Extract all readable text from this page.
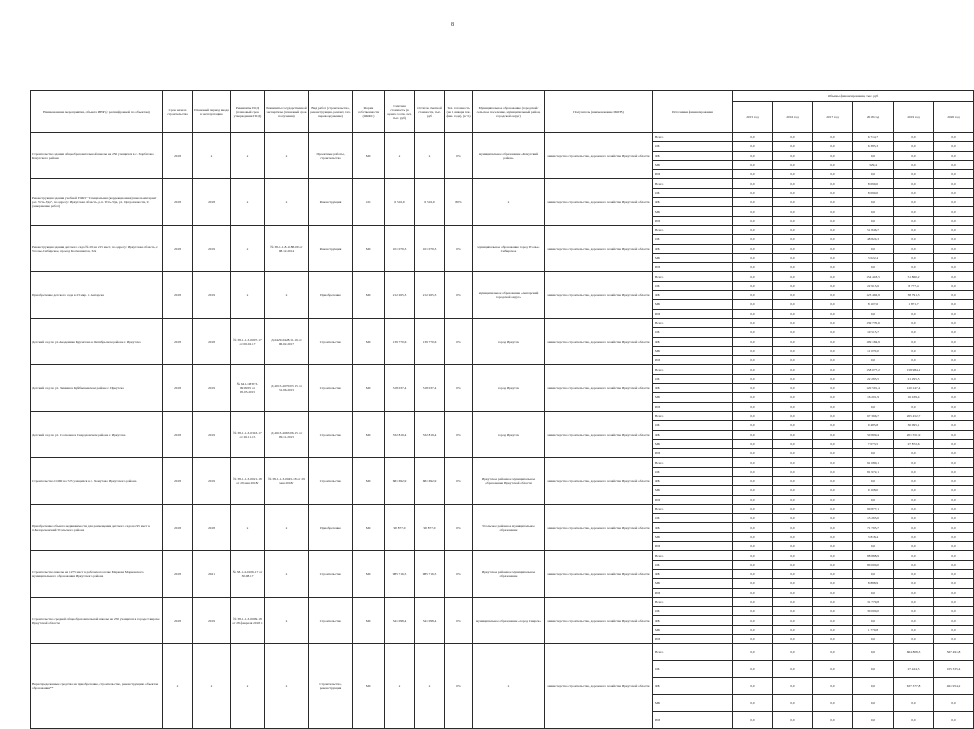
8
Наименование мероприятия, объекта ИНР (с расшифровкой по объектам)	Срок начала строительства	Плановый период ввода в эксплуатацию	Реквизиты ПСД (плановый срок утверждения ПСД)	Реквизиты государственной экспертизы (плановый срок получения)	Вид работ (строительство, реконструкция, ремонт, тех. перевооружение)	Форма собственности (ОКФС)	Сметная стоимость (в ценах соотв. лет, тыс. руб)	Остаток сметной стоимости, тыс. руб	Тех. готовность (на 1 января тек. фин. года), (в %)	Муниципальное образование (городской/сельское поселение, муниципальный район, городской округ)	Получатель (наименование ИОГВ)	Источники финансирования	Объемы финансирования, тыс. руб					
													2015 год	2016 год	2017 год	2018 год	2019 год	2020 год
Строительство здания общеобразовательной школы на 250 учащихся в с. Харбатово Качугского района	2018	x	x	x	Проектные работы, строительство	МС	x	x	0%	муниципальное образование «Качугский район»	министерство строительства, дорожного хозяйства Иркутской области	Всего	0,0	0,0	0,0	6 714,7	0,0	0,0
												ОБ	0,0	0,0	0,0	6 385,3	0,0	0,0
												ФБ	0,0	0,0	0,0	0,0	0,0	0,0
												МБ	0,0	0,0	0,0	329,4	0,0	0,0
												ИИ	0,0	0,0	0,0	0,0	0,0	0,0
Реконструкция здания учебной ГОКУ "Специальная (коррекционная) школа-интернат р.п. Усть-Уда", по адресу: Иркутская область, р.п. Усть-Уда, ул. Оргдолжности, 9 (завершение работ)	2018	2018	x	x	Реконструкция	ОС	6 516,9	6 516,9	80%	x	министерство строительства, дорожного хозяйства Иркутской области	Всего	0,0	0,0	0,0	8 090,0	0,0	0,0
												ОБ	0,0	0,0	0,0	8 090,0	0,0	0,0
												ФБ	0,0	0,0	0,0	0,0	0,0	0,0
												МБ	0,0	0,0	0,0	0,0	0,0	0,0
												ИИ	0,0	0,0	0,0	0,0	0,0	0,0
Реконструкция здания детского сада № 29 на 215 мест, по адресу: Иркутская область, г. Усолье-Сибирское, проезд Космонавтов, 32а	2018	2019	x	№ 38-1-1-8-1188-09 от 08.12.2014	Реконструкция	МС	101 079,3	101 079,3	0%	муниципальное образование город Усолье-Сибирское	министерство строительства, дорожного хозяйства Иркутской области	Всего	0,0	0,0	0,0	51 846,7	0,0	0,0
												ОБ	0,0	0,0	0,0	48 824,3	0,0	0,0
												ФБ	0,0	0,0	0,0	0,0	0,0	0,0
												МБ	0,0	0,0	0,0	3 022,4	0,0	0,0
												ИИ	0,0	0,0	0,0	0,0	0,0	0,0
Приобретение детского сада в 23 мкр. г. Ангарска	2018	2019	x	x	Приобретение	МС	212 265,3	212 265,3	0%	муниципальное образование «Ангарский городской округ»	министерство строительства, дорожного хозяйства Иркутской области	Всего	0,0	0,0	0,0	154 418,5	51 860,2	0,0
												ОБ	0,0	0,0	0,0	22 915,6	8 777,4	0,0
												ФБ	0,0	0,0	0,0	123 492,9	38 791,3	0,0
												МБ	0,0	0,0	0,0	8 107,6	1 871,7	0,0
												ИИ	0,0	0,0	0,0	0,0	0,0	0,0
Детский сад по ул.Академика Курчатова в Октябрьском районе г. Иркутска	2018	2018	№ 38-1-1-3-0007-17 от 06.02.17	Д-0429-0428/11.16 от 06.02.2017	Строительство	МС	139 770,6	139 770,6	0%	город Иркутск	министерство строительства, дорожного хозяйства Иркутской области	Всего	0,0	0,0	0,0	139 770,6	0,0	0,0
												ОБ	0,0	0,0	0,0	19 515,7	0,0	0,0
												ФБ	0,0	0,0	0,0	109 184,9	0,0	0,0
												МБ	0,0	0,0	0,0	11 070,0	0,0	0,0
												ИИ	0,0	0,0	0,0	0,0	0,0	0,0
Детский сад по ул. Зимняя в Куйбышевском районе г. Иркутска	2018	2019	№ 641-1ИТГ3-9918/05 от 05.05.2015	Д-2015-2670/03 15 от 31.06.2015	Строительство	МС	318 037,4	318 037,4	0%	город Иркутск	министерство строительства, дорожного хозяйства Иркутской области	Всего	0,0	0,0	0,0	158 077,2	158 984,1	0,0
												ОБ	0,0	0,0	0,0	22 283,5	21 295,5	0,0
												ФБ	0,0	0,0	0,0	120 591,4	120 247,4	0,0
												МБ	0,0	0,0	0,0	16 201,9	16 439,4	0,0
												ИИ	0,0	0,0	0,0	0,0	0,0	0,0
Детский сад по ул. Сосновая в Свердловском районе г. Иркутска	2018	2019	№ 38-1-1-3-0343-17 от 26.11.15	Д-2613-2665/06.15 от 09.11.2015	Строительство	МС	332 819,4	332 819,4	0%	город Иркутск	министерство строительства, дорожного хозяйства Иркутской области	Всего	0,0	0,0	0,0	67 366,7	265 452,7	0,0
												ОБ	0,0	0,0	0,0	9 485,8	36 095,1	0,0
												ФБ	0,0	0,0	0,0	50 809,4	201 551,9	0,0
												МБ	0,0	0,0	0,0	7 073,5	27 872,6	0,0
												ИИ	0,0	0,0	0,0	0,0	0,0	0,0
Строительство СОШ на 725 учащихся в с. Хомутово Иркутского района	2018	2019	№ 38-1-1-3-0021-18 от 29 мая 2018г	№ 38-1-1-3-0045-18 от 29 мая 2018г	Строительство	МС	681 692,9	681 692,9	0%	Иркутское районное муниципальное образование Иркутской области	министерство строительства, дорожного хозяйства Иркутской области	Всего	0,0	0,0	0,0	91 080,1	0,0	0,0
												ОБ	0,0	0,0	0,0	81 972,1	0,0	0,0
												ФБ	0,0	0,0	0,0	0,0	0,0	0,0
												МБ	0,0	0,0	0,0	9 108,0	0,0	0,0
												ИИ	0,0	0,0	0,0	0,0	0,0	0,0
Приобретение объекта недвижимости для размещения детского сада на 95 мест в п.Белореченский Усольского района	2018	2018	x	x	Приобретение	МС	90 877,0	90 877,0	0%	Усольское районное муниципальное образование	министерство строительства, дорожного хозяйства Иркутской области	Всего	0,0	0,0	0,0	90 877,1	0,0	0,0
												ОБ	0,0	0,0	0,0	15 263,0	0,0	0,0
												ФБ	0,0	0,0	0,0	71 795,7	0,0	0,0
												МБ	0,0	0,0	0,0	3 818,4	0,0	0,0
												ИИ	0,0	0,0	0,0	0,0	0,0	0,0
Строительство школы на 1275 мест в рабочем поселке Маркова Марковского муниципального образования Иркутского района	2018	2021	№ 38-1-4-0106-17 от 30.08.17	x	Строительство	МС	985 716,5	985 716,5	0%	Иркутское районное муниципальное образование	министерство строительства, дорожного хозяйства Иркутской области	Всего	0,0	0,0	0,0	88 888,9	0,0	0,0
												ОБ	0,0	0,0	0,0	80 000,0	0,0	0,0
												ФБ	0,0	0,0	0,0	0,0	0,0	0,0
												МБ	0,0	0,0	0,0	8 888,9	0,0	0,0
												ИИ	0,0	0,0	0,0	0,0	0,0	0,0
Строительство средней общеобразовательной школы на 250 учащихся в городе Свирске Иркутской области	2018	2019	№ 38-1-1-3-0009-18 от 28 февраля 2018 г.	x	Строительство	МС	341 098,4	341 098,4	0%	муниципальное образование «город Свирск»	министерство строительства, дорожного хозяйства Иркутской области	Всего	0,0	0,0	0,0	31 779,8	0,0	0,0
												ОБ	0,0	0,0	0,0	30 000,0	0,0	0,0
												ФБ	0,0	0,0	0,0	0,0	0,0	0,0
												МБ	0,0	0,0	0,0	1 779,8	0,0	0,0
												ИИ	0,0	0,0	0,0	0,0	0,0	0,0
Нераспределенные средства на приобретение, строительство, реконструкцию объектов образования**	x	x	x	x	Строительство, реконструкция	МС	x	x	0%	x	министерство строительства, дорожного хозяйства Иркутской области	Всего	0,0	0,0	0,0	0,0	664 808,3	567 491,8
												ОБ	0,0	0,0	0,0	0,0	27 424,5	105 335,4
												ФБ	0,0	0,0	0,0	0,0	637 377,8	461 954,2
												МБ	0,0	0,0	0,0	0,0	0,0	0,0
												ИИ	0,0	0,0	0,0	0,0	0,0	0,0
